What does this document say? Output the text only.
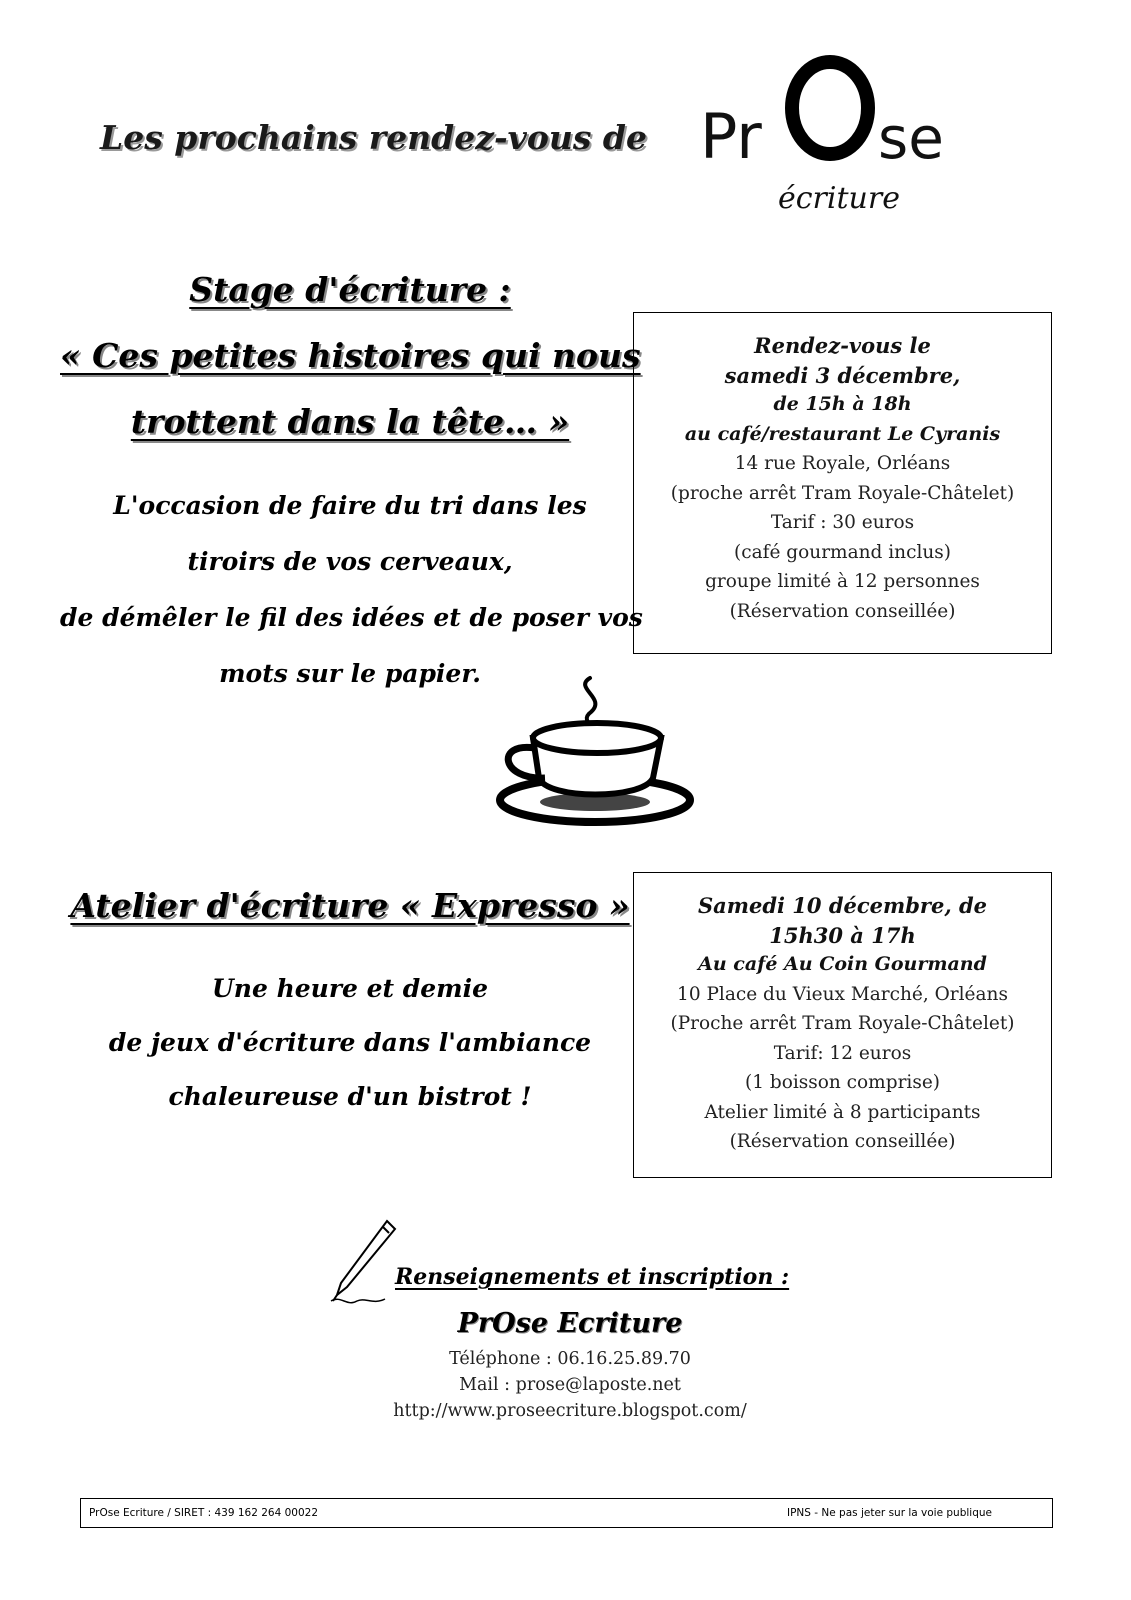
Les prochains rendez-vous de Pr se
écriture
Stage d'écriture :
« Ces petites histoires qui nous
trottent dans la tête… »
L'occasion de faire du tri dans les
tiroirs de vos cerveaux,
de démêler le fil des idées et de poser vos
mots sur le papier.
Rendez-vous le
samedi 3 décembre,
de 15h à 18h
au café/restaurant Le Cyranis
14 rue Royale, Orléans
(proche arrêt Tram Royale-Châtelet)
Tarif : 30 euros
(café gourmand inclus)
groupe limité à 12 personnes
(Réservation conseillée)
Atelier d'écriture « Expresso »
Une heure et demie
de jeux d'écriture dans l'ambiance
chaleureuse d'un bistrot !
Samedi 10 décembre, de
15h30 à 17h
Au café Au Coin Gourmand
10 Place du Vieux Marché, Orléans
(Proche arrêt Tram Royale-Châtelet)
Tarif: 12 euros
(1 boisson comprise)
Atelier limité à 8 participants
(Réservation conseillée)
Renseignements et inscription :
PrOse Ecriture
Téléphone : 06.16.25.89.70
Mail : prose@laposte.net
http://www.proseecriture.blogspot.com/
PrOse Ecriture / SIRET : 439 162 264 00022	IPNS - Ne pas jeter sur la voie publique
